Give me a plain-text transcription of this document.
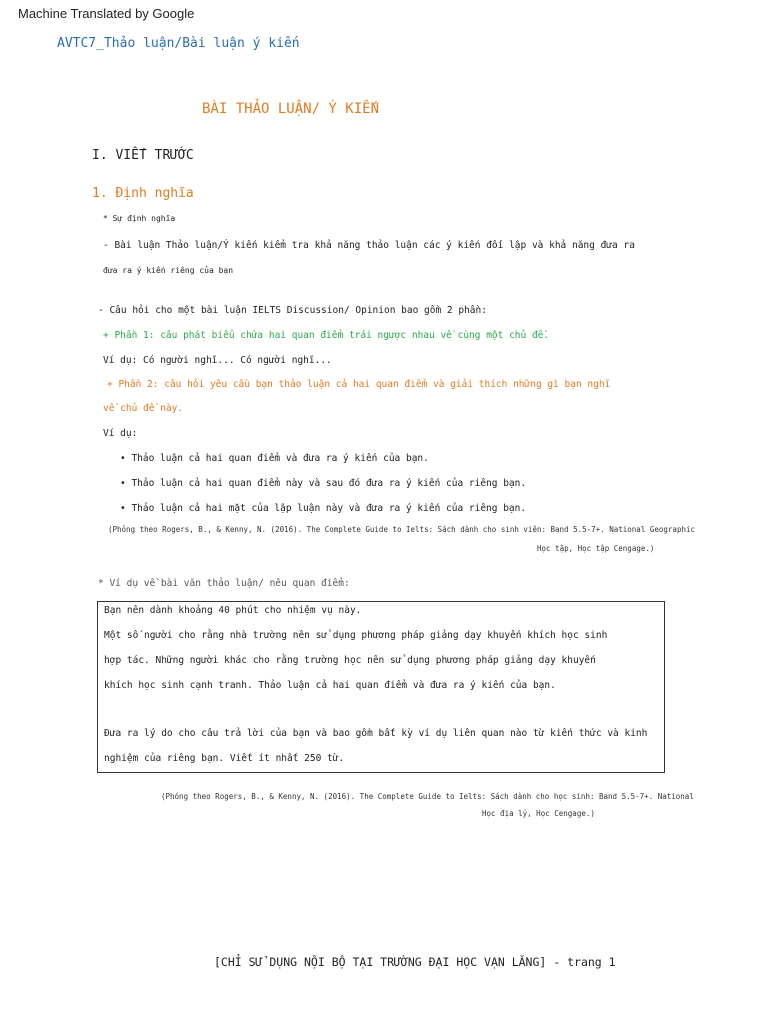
Machine Translated by Google
AVTC7_Thảo luận/Bài luận ý kiến
BÀI THẢO LUẬN/ Ý KIẾN
I. VIẾT TRƯỚC
1. Định nghĩa
* Sự định nghĩa
- Bài luận Thảo luận/Ý kiến kiểm tra khả năng thảo luận các ý kiến đối lập và khả năng đưa ra
đưa ra ý kiến riêng của bạn
- Câu hỏi cho một bài luận IELTS Discussion/ Opinion bao gồm 2 phần:
+ Phần 1: câu phát biểu chứa hai quan điểm trái ngược nhau về cùng một chủ đề.
Ví dụ: Có người nghĩ... Có người nghĩ...
+ Phần 2: câu hỏi yêu cầu bạn thảo luận cả hai quan điểm và giải thích những gì bạn nghĩ
về chủ đề này.
Ví dụ:
• Thảo luận cả hai quan điểm và đưa ra ý kiến của bạn.
• Thảo luận cả hai quan điểm này và sau đó đưa ra ý kiến của riêng bạn.
• Thảo luận cả hai mặt của lập luận này và đưa ra ý kiến của riêng bạn.
(Phỏng theo Rogers, B., & Kenny, N. (2016). The Complete Guide to Ielts: Sách dành cho sinh viên: Band 5.5-7+. National Geographic
Học tập, Học tập Cengage.)
* Ví dụ về bài văn thảo luận/ nêu quan điểm:
Bạn nên dành khoảng 40 phút cho nhiệm vụ này.
Một số người cho rằng nhà trường nên sử dụng phương pháp giảng dạy khuyến khích học sinh
hợp tác. Những người khác cho rằng trường học nên sử dụng phương pháp giảng dạy khuyến
khích học sinh cạnh tranh. Thảo luận cả hai quan điểm và đưa ra ý kiến của bạn.
Đưa ra lý do cho câu trả lời của bạn và bao gồm bất kỳ ví dụ liên quan nào từ kiến thức và kinh
nghiệm của riêng bạn. Viết ít nhất 250 từ.
(Phóng theo Rogers, B., & Kenny, N. (2016). The Complete Guide to Ielts: Sách dành cho học sinh: Band 5.5-7+. National
Học địa lý, Học Cengage.)
[CHỈ SỬ DỤNG NỘI BỘ TẠI TRƯỜNG ĐẠI HỌC VẠN LĂNG] - trang 1
